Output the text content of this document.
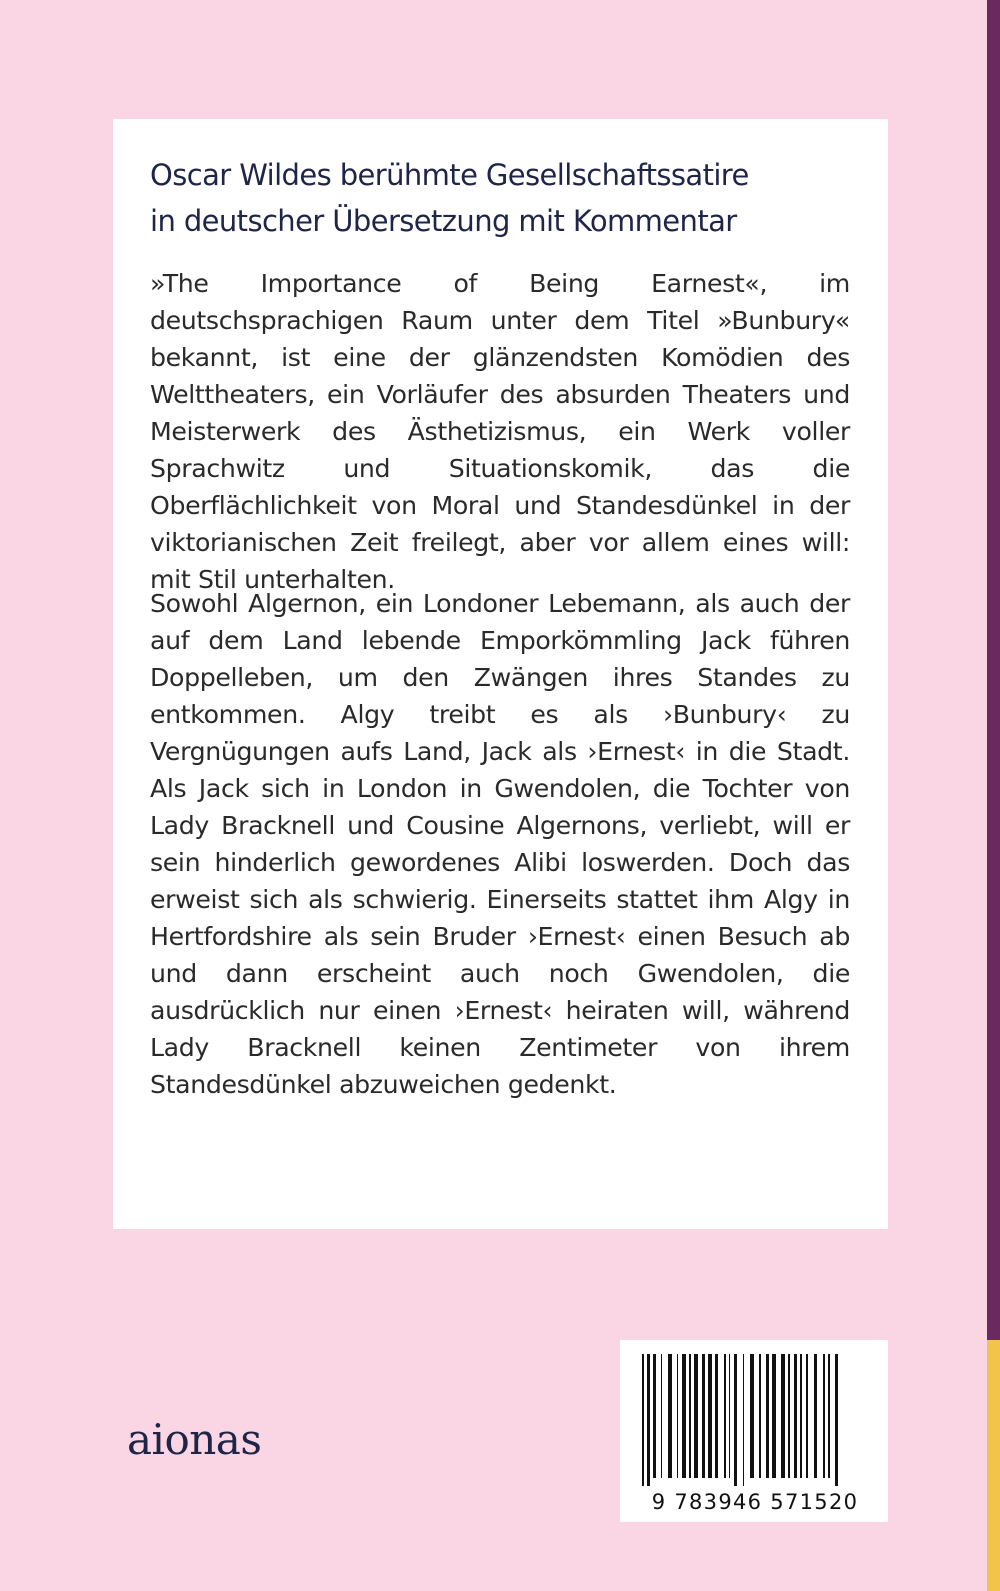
Oscar Wildes berühmte Gesellschaftssatire
in deutscher Übersetzung mit Kommentar

»The Importance of Being Earnest«, im deutschsprachigen Raum unter dem Titel »Bunbury« bekannt, ist eine der glänzendsten Komödien des Welttheaters, ein Vorläufer des absurden Theaters und Meisterwerk des Ästhetizismus, ein Werk voller Sprachwitz und Situationskomik, das die Oberflächlichkeit von Moral und Standesdünkel in der viktorianischen Zeit freilegt, aber vor allem eines will: mit Stil unterhalten.

Sowohl Algernon, ein Londoner Lebemann, als auch der auf dem Land lebende Emporkömmling Jack führen Doppelleben, um den Zwängen ihres Standes zu entkommen. Algy treibt es als ›Bunbury‹ zu Vergnügungen aufs Land, Jack als ›Ernest‹ in die Stadt. Als Jack sich in London in Gwendolen, die Tochter von Lady Bracknell und Cousine Algernons, verliebt, will er sein hinderlich gewordenes Alibi loswerden. Doch das erweist sich als schwierig. Einerseits stattet ihm Algy in Hertfordshire als sein Bruder ›Ernest‹ einen Besuch ab und dann erscheint auch noch Gwendolen, die ausdrücklich nur einen ›Ernest‹ heiraten will, während Lady Bracknell keinen Zentimeter von ihrem Standesdünkel abzuweichen gedenkt.

aionas
9 783946 571520
